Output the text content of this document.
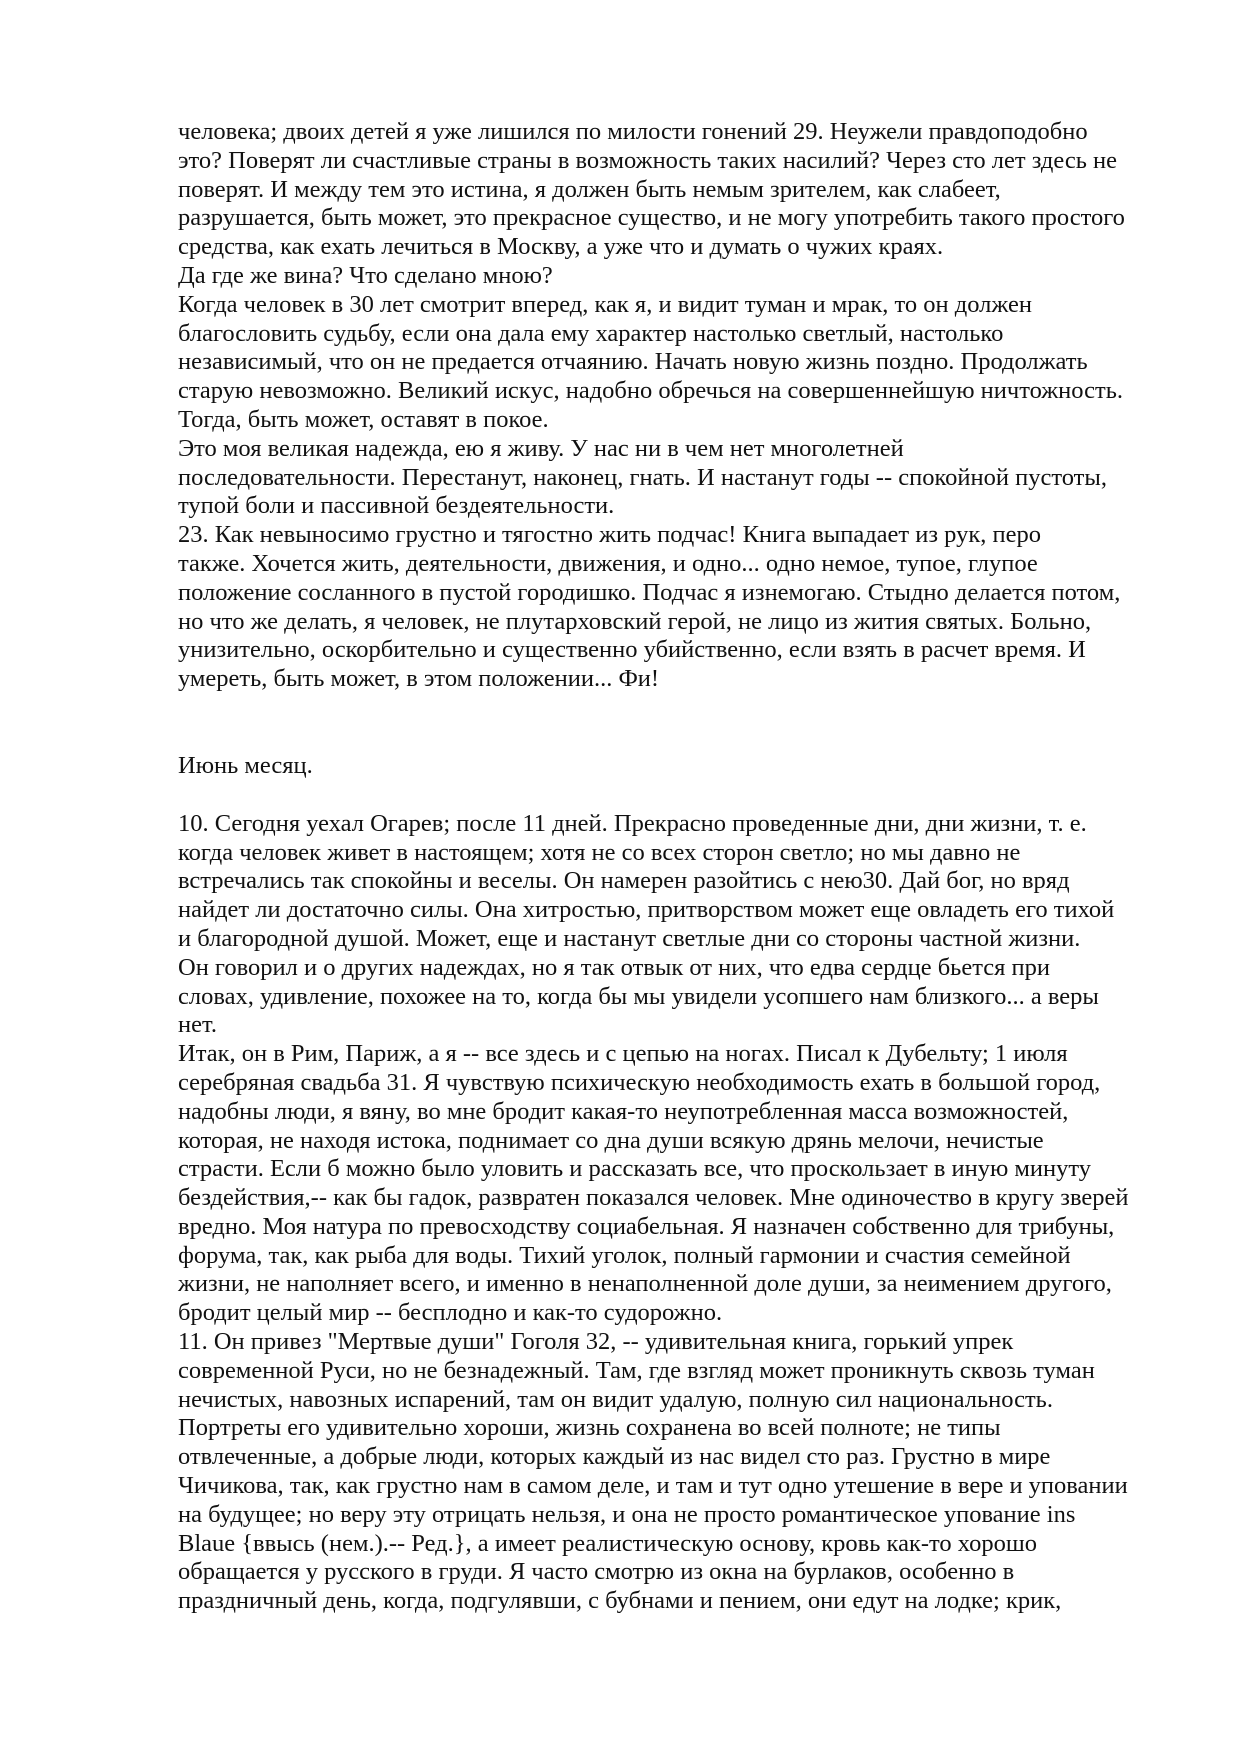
человека; двоих детей я уже лишился по милости гонений 29. Неужели правдоподобно
это? Поверят ли счастливые страны в возможность таких насилий? Через сто лет здесь не
поверят. И между тем это истина, я должен быть немым зрителем, как слабеет,
разрушается, быть может, это прекрасное существо, и не могу употребить такого простого
средства, как ехать лечиться в Москву, а уже что и думать о чужих краях.

Да где же вина? Что сделано мною?

Когда человек в 30 лет смотрит вперед, как я, и видит туман и мрак, то он должен
благословить судьбу, если она дала ему характер настолько светлый, настолько
независимый, что он не предается отчаянию. Начать новую жизнь поздно. Продолжать
старую невозможно. Великий искус, надобно обречься на совершеннейшую ничтожность.
Тогда, быть может, оставят в покое.

Это моя великая надежда, ею я живу. У нас ни в чем нет многолетней
последовательности. Перестанут, наконец, гнать. И настанут годы -- спокойной пустоты,
тупой боли и пассивной бездеятельности.

23. Как невыносимо грустно и тягостно жить подчас! Книга выпадает из рук, перо
также. Хочется жить, деятельности, движения, и одно... одно немое, тупое, глупое
положение сосланного в пустой городишко. Подчас я изнемогаю. Стыдно делается потом,
но что же делать, я человек, не плутарховский герой, не лицо из жития святых. Больно,
унизительно, оскорбительно и существенно убийственно, если взять в расчет время. И
умереть, быть может, в этом положении... Фи!

Июнь месяц.

10. Сегодня уехал Огарев; после 11 дней. Прекрасно проведенные дни, дни жизни, т. е.
когда человек живет в настоящем; хотя не со всех сторон светло; но мы давно не
встречались так спокойны и веселы. Он намерен разойтись с нею30. Дай бог, но вряд
найдет ли достаточно силы. Она хитростью, притворством может еще овладеть его тихой
и благородной душой. Может, еще и настанут светлые дни со стороны частной жизни.

Он говорил и о других надеждах, но я так отвык от них, что едва сердце бьется при
словах, удивление, похожее на то, когда бы мы увидели усопшего нам близкого... а веры
нет.

Итак, он в Рим, Париж, а я -- все здесь и с цепью на ногах. Писал к Дубельту; 1 июля
серебряная свадьба 31. Я чувствую психическую необходимость ехать в большой город,
надобны люди, я вяну, во мне бродит какая-то неупотребленная масса возможностей,
которая, не находя истока, поднимает со дна души всякую дрянь мелочи, нечистые
страсти. Если б можно было уловить и рассказать все, что проскользает в иную минуту
бездействия,-- как бы гадок, развратен показался человек. Мне одиночество в кругу зверей
вредно. Моя натура по превосходству социабельная. Я назначен собственно для трибуны,
форума, так, как рыба для воды. Тихий уголок, полный гармонии и счастия семейной
жизни, не наполняет всего, и именно в ненаполненной доле души, за неимением другого,
бродит целый мир -- бесплодно и как-то судорожно.

11. Он привез "Мертвые души" Гоголя 32, -- удивительная книга, горький упрек
современной Руси, но не безнадежный. Там, где взгляд может проникнуть сквозь туман
нечистых, навозных испарений, там он видит удалую, полную сил национальность.
Портреты его удивительно хороши, жизнь сохранена во всей полноте; не типы
отвлеченные, а добрые люди, которых каждый из нас видел сто раз. Грустно в мире
Чичикова, так, как грустно нам в самом деле, и там и тут одно утешение в вере и уповании
на будущее; но веру эту отрицать нельзя, и она не просто романтическое упование ins
Blaue {ввысь (нем.).-- Ред.}, а имеет реалистическую основу, кровь как-то хорошо
обращается у русского в груди. Я часто смотрю из окна на бурлаков, особенно в
праздничный день, когда, подгулявши, с бубнами и пением, они едут на лодке; крик,
